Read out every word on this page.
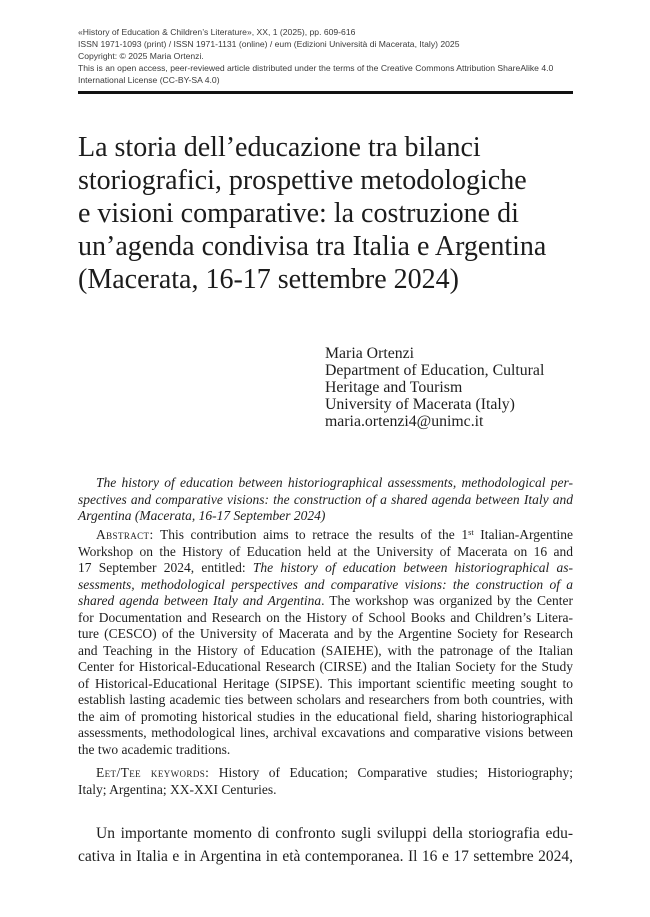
«History of Education & Children’s Literature», XX, 1 (2025), pp. 609-616
ISSN 1971-1093 (print) / ISSN 1971-1131 (online) / eum (Edizioni Università di Macerata, Italy) 2025
Copyright: © 2025 Maria Ortenzi.
This is an open access, peer-reviewed article distributed under the terms of the Creative Commons Attribution ShareAlike 4.0
International License (CC-BY-SA 4.0)
La storia dell’educazione tra bilanci
storiografici, prospettive metodologiche
e visioni comparative: la costruzione di
un’agenda condivisa tra Italia e Argentina
(Macerata, 16-17 settembre 2024)
Maria Ortenzi
Department of Education, Cultural
Heritage and Tourism
University of Macerata (Italy)
maria.ortenzi4@unimc.it
The history of education between historiographical assessments, methodological per-
spectives and comparative visions: the construction of a shared agenda between Italy and
Argentina (Macerata, 16-17 September 2024)
Abstract: This contribution aims to retrace the results of the 1st Italian-Argentine
Workshop on the History of Education held at the University of Macerata on 16 and
17 September 2024, entitled: The history of education between historiographical as-
sessments, methodological perspectives and comparative visions: the construction of a
shared agenda between Italy and Argentina. The workshop was organized by the Center
for Documentation and Research on the History of School Books and Children’s Litera-
ture (CESCO) of the University of Macerata and by the Argentine Society for Research
and Teaching in the History of Education (SAIEHE), with the patronage of the Italian
Center for Historical-Educational Research (CIRSE) and the Italian Society for the Study
of Historical-Educational Heritage (SIPSE). This important scientific meeting sought to
establish lasting academic ties between scholars and researchers from both countries, with
the aim of promoting historical studies in the educational field, sharing historiographical
assessments, methodological lines, archival excavations and comparative visions between
the two academic traditions.
Eet/Tee keywords: History of Education; Comparative studies; Historiography;
Italy; Argentina; XX-XXI Centuries.
Un importante momento di confronto sugli sviluppi della storiografia edu-
cativa in Italia e in Argentina in età contemporanea. Il 16 e 17 settembre 2024,
